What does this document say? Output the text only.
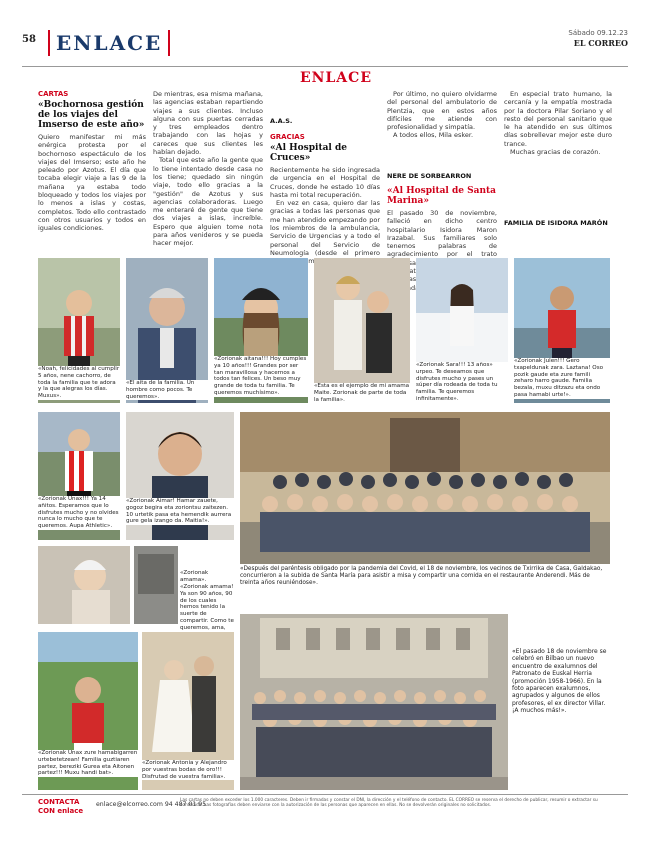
58	ENLACE	Sábado 09.12.23
EL CORREO
ENLACE
CARTAS
«Bochornosa gestión de los viajes del Imserso de este año»
Quiero manifestar mi más enérgica protesta por el bochornoso espectáculo de los viajes del Imserso; este año he peleado por Azotus. El día que tocaba elegir viaje a las 9 de la mañana ya estaba todo bloqueado y todos los viajes por lo menos a islas y costas, completos. Todo ello contrastado con otros usuarios y todos en iguales condiciones.
De mientras, esa misma mañana, las agencias estaban repartiendo viajes a sus clientes. Incluso alguna con sus puertas cerradas y tres empleados dentro trabajando con las hojas y careces que sus clientes les habían dejado.
Total que este año la gente que lo tiene intentado desde casa no los tiene; quedado sin ningún viaje, todo ello gracias a la "gestión" de Azotus y sus agencias colaboradoras. Luego me enteraré de gente que tiene dos viajes a islas, increíble. Espero que alguien tome nota para años venideros y se pueda hacer mejor.
A.A.S.
GRACIAS
«Al Hospital de Cruces»
Recientemente he sido ingresada de urgencia en el Hospital de Cruces, donde he estado 10 días hasta mi total recuperación.
En vez en casa, quiero dar las gracias a todas las personas que me han atendido empezando por los miembros de la ambulancia, Servicio de Urgencias y a todo el personal del Servicio de Neumología (desde el primero último).
Por último, no quiero olvidarme del personal del ambulatorio de Plentzia, que en estos años difíciles me atiende con profesionalidad y simpatía.
A todos ellos, Mila esker.
NERE DE SORBEARRON
«Al Hospital de Santa Marina»
El pasado 30 de noviembre, falleció en dicho centro hospitalario Isidora Maron Irazabal. Sus familiares solo tenemos palabras de agradecimiento por el trato
En especial trato humano, la cercanía y la empatía mostrada por la doctora Pilar Soriano y el resto del personal sanitario que le ha atendido en sus últimos días sobrellevar mejor este duro trance.
Muchas gracias de corazón.
FAMILIA DE ISIDORA MARÓN
«Noah, felicidades al cumplir 5 años, nene cachorro, de toda la familia que te adora y la que alegras los días. Muxus».
«El aita de la familia. Un hombre como pocos. Te queremos».
«Zorionak aitana!!! Hoy cumples ya 10 años!!! Grandes por ser tan maravillosa y hacernos a todos tan felices. Un beso muy grande de toda tu familia. Te queremos muchísimo».
«Esta es el ejemplo de mi amama Maite. Zorionak de parte de toda la familia».
«Zorionak Sara!!! 13 años» urpeo. Te deseamos que disfrutes mucho y pases un súper día rodeada de toda tu familia. Te queremos infinitamente».
«Zorionak Julen!!! Gero txapeldunak zara. Laztana! Oso pozik gaude eta zure famili zeharo harro gaude. Familia bezala, muxu ditzazu eta ondo pasa hamabi urte!».
«Zorionak Unax!!! Ya 14 añitos. Esperamos que lo disfrutes mucho y no olvides nunca lo mucho que te queremos. Aupa Athletic».
«Zorionak Aimar! Hamar zauete, gogoz begira eta zoriontsu zaitezen. 10 urtetik pasa eta hemendik aurrera gure gela izango da. Maitia!».
«Después del paréntesis obligado por la pandemia del Covid, el 18 de noviembre, los vecinos de Txirrika de Casa, Galdakao, concurrieron a la subida de Santa María para asistir a misa y compartir una comida en el restaurante Anderendi. Más de treinta años reuniéndose».
«Zorionak amama».
«Zorionak amama! Ya son 90 años, 90 de los cuales hemos tenido la suerte de compartir. Como te queremos, ama,
«Zorionak Unax zure hamabigarren urtebetetzean! Familia guztiaren partez, bereziki Gurea eta Aitonen partez!!! Muxu handi bat».
«Zorionak Antonia y Alejandro por vuestras bodas de oro!!! Disfrutad de vuestra familia».
«El pasado 18 de noviembre se celebró en Bilbao un nuevo encuentro de exalumnos del Patronato de Euskal Herria (promoción 1958-1966). En la foto aparecen exalumnos, agrupados y algunos de ellos profesores, el ex director Villar. ¡A muchos más!».
CONTACTA
CON enlace
enlace@elcorreo.com 94 487 01 95
Las cartas no deben exceder los 1.000 caracteres. Deben ir firmadas y constar el DNI, la dirección y el teléfono de contacto. EL CORREO se reserva el derecho de publicar, resumir o extractar su contenido. Las fotografías deben enviarse con la autorización de las personas que aparecen en ellas. No se devolverán originales no solicitados.
